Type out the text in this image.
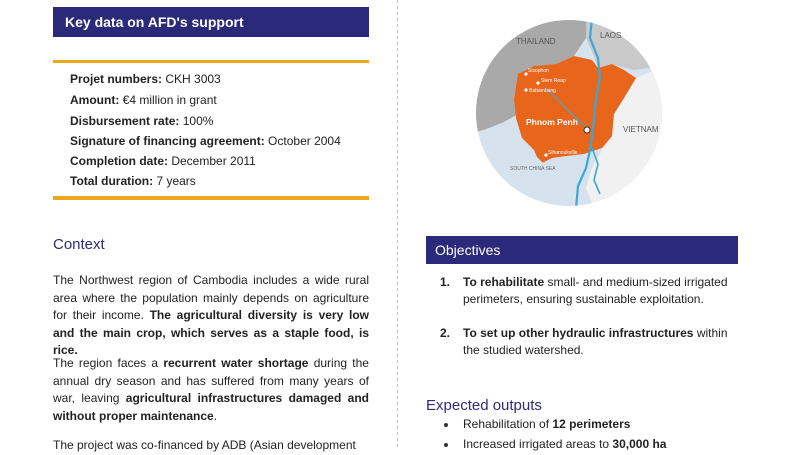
Key data on AFD's support
Projet numbers: CKH 3003
Amount: €4 million in grant
Disbursement rate: 100%
Signature of financing agreement: October 2004
Completion date: December 2011
Total duration: 7 years
Context
The Northwest region of Cambodia includes a wide rural area where the population mainly depends on agriculture for their income. The agricultural diversity is very low and the main crop, which serves as a staple food, is rice.
The region faces a recurrent water shortage during the annual dry season and has suffered from many years of war, leaving agricultural infrastructures damaged and without proper maintenance.
The project was co-financed by ADB (Asian development
THAILAND
LAOS
VIETNAM
SOUTH CHINA SEA
Phnom Penh
Sisophon
Siem Reap
Battambang
Sihanoukville
Objectives
1. To rehabilitate small- and medium-sized irrigated perimeters, ensuring sustainable exploitation.
2. To set up other hydraulic infrastructures within the studied watershed.
Expected outputs
Rehabilitation of 12 perimeters
Increased irrigated areas to 30,000 ha
